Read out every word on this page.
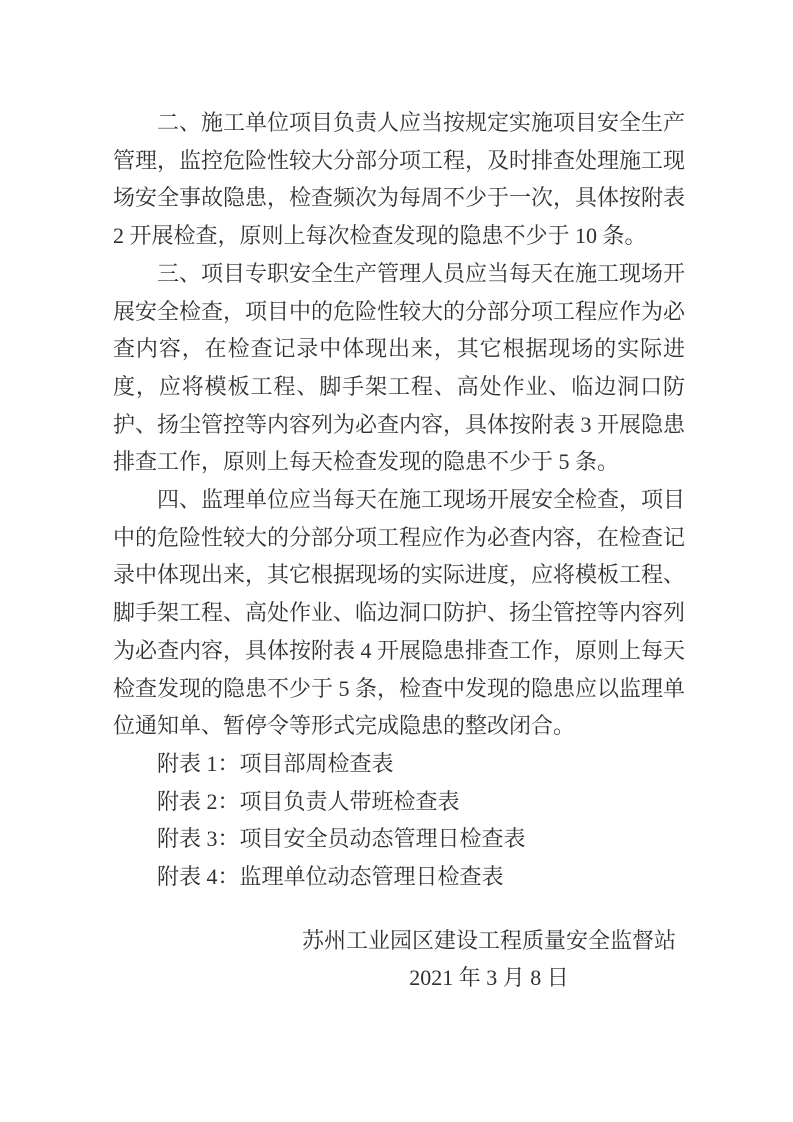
二、施工单位项目负责人应当按规定实施项目安全生产管理，监控危险性较大分部分项工程，及时排查处理施工现场安全事故隐患，检查频次为每周不少于一次，具体按附表 2 开展检查，原则上每次检查发现的隐患不少于 10 条。

三、项目专职安全生产管理人员应当每天在施工现场开展安全检查，项目中的危险性较大的分部分项工程应作为必查内容，在检查记录中体现出来，其它根据现场的实际进度，应将模板工程、脚手架工程、高处作业、临边洞口防护、扬尘管控等内容列为必查内容，具体按附表 3 开展隐患排查工作，原则上每天检查发现的隐患不少于 5 条。

四、监理单位应当每天在施工现场开展安全检查，项目中的危险性较大的分部分项工程应作为必查内容，在检查记录中体现出来，其它根据现场的实际进度，应将模板工程、脚手架工程、高处作业、临边洞口防护、扬尘管控等内容列为必查内容，具体按附表 4 开展隐患排查工作，原则上每天检查发现的隐患不少于 5 条，检查中发现的隐患应以监理单位通知单、暂停令等形式完成隐患的整改闭合。

附表 1：项目部周检查表

附表 2：项目负责人带班检查表

附表 3：项目安全员动态管理日检查表

附表 4：监理单位动态管理日检查表

苏州工业园区建设工程质量安全监督站

2021 年 3 月 8 日
